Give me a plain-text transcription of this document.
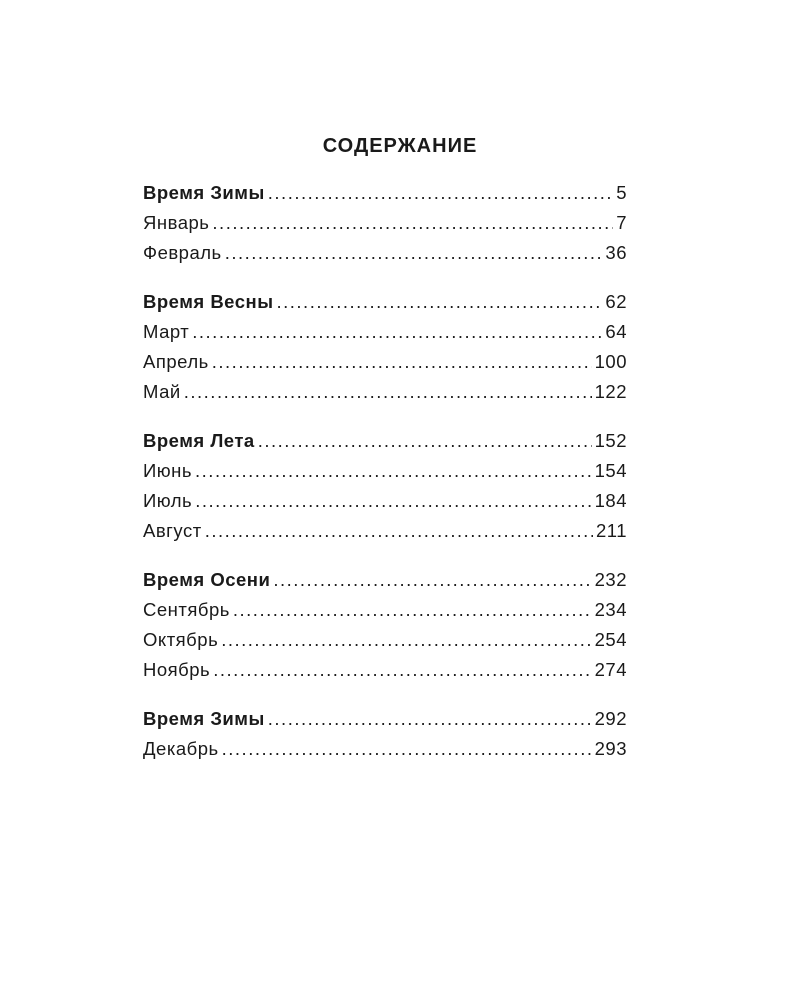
СОДЕРЖАНИЕ
Время Зимы .....	5
Январь .....	7
Февраль .....	36
Время Весны .....	62
Март .....	64
Апрель .....	100
Май .....	122
Время Лета .....	152
Июнь .....	154
Июль .....	184
Август .....	211
Время Осени .....	232
Сентябрь .....	234
Октябрь .....	254
Ноябрь .....	274
Время Зимы .....	292
Декабрь .....	293
